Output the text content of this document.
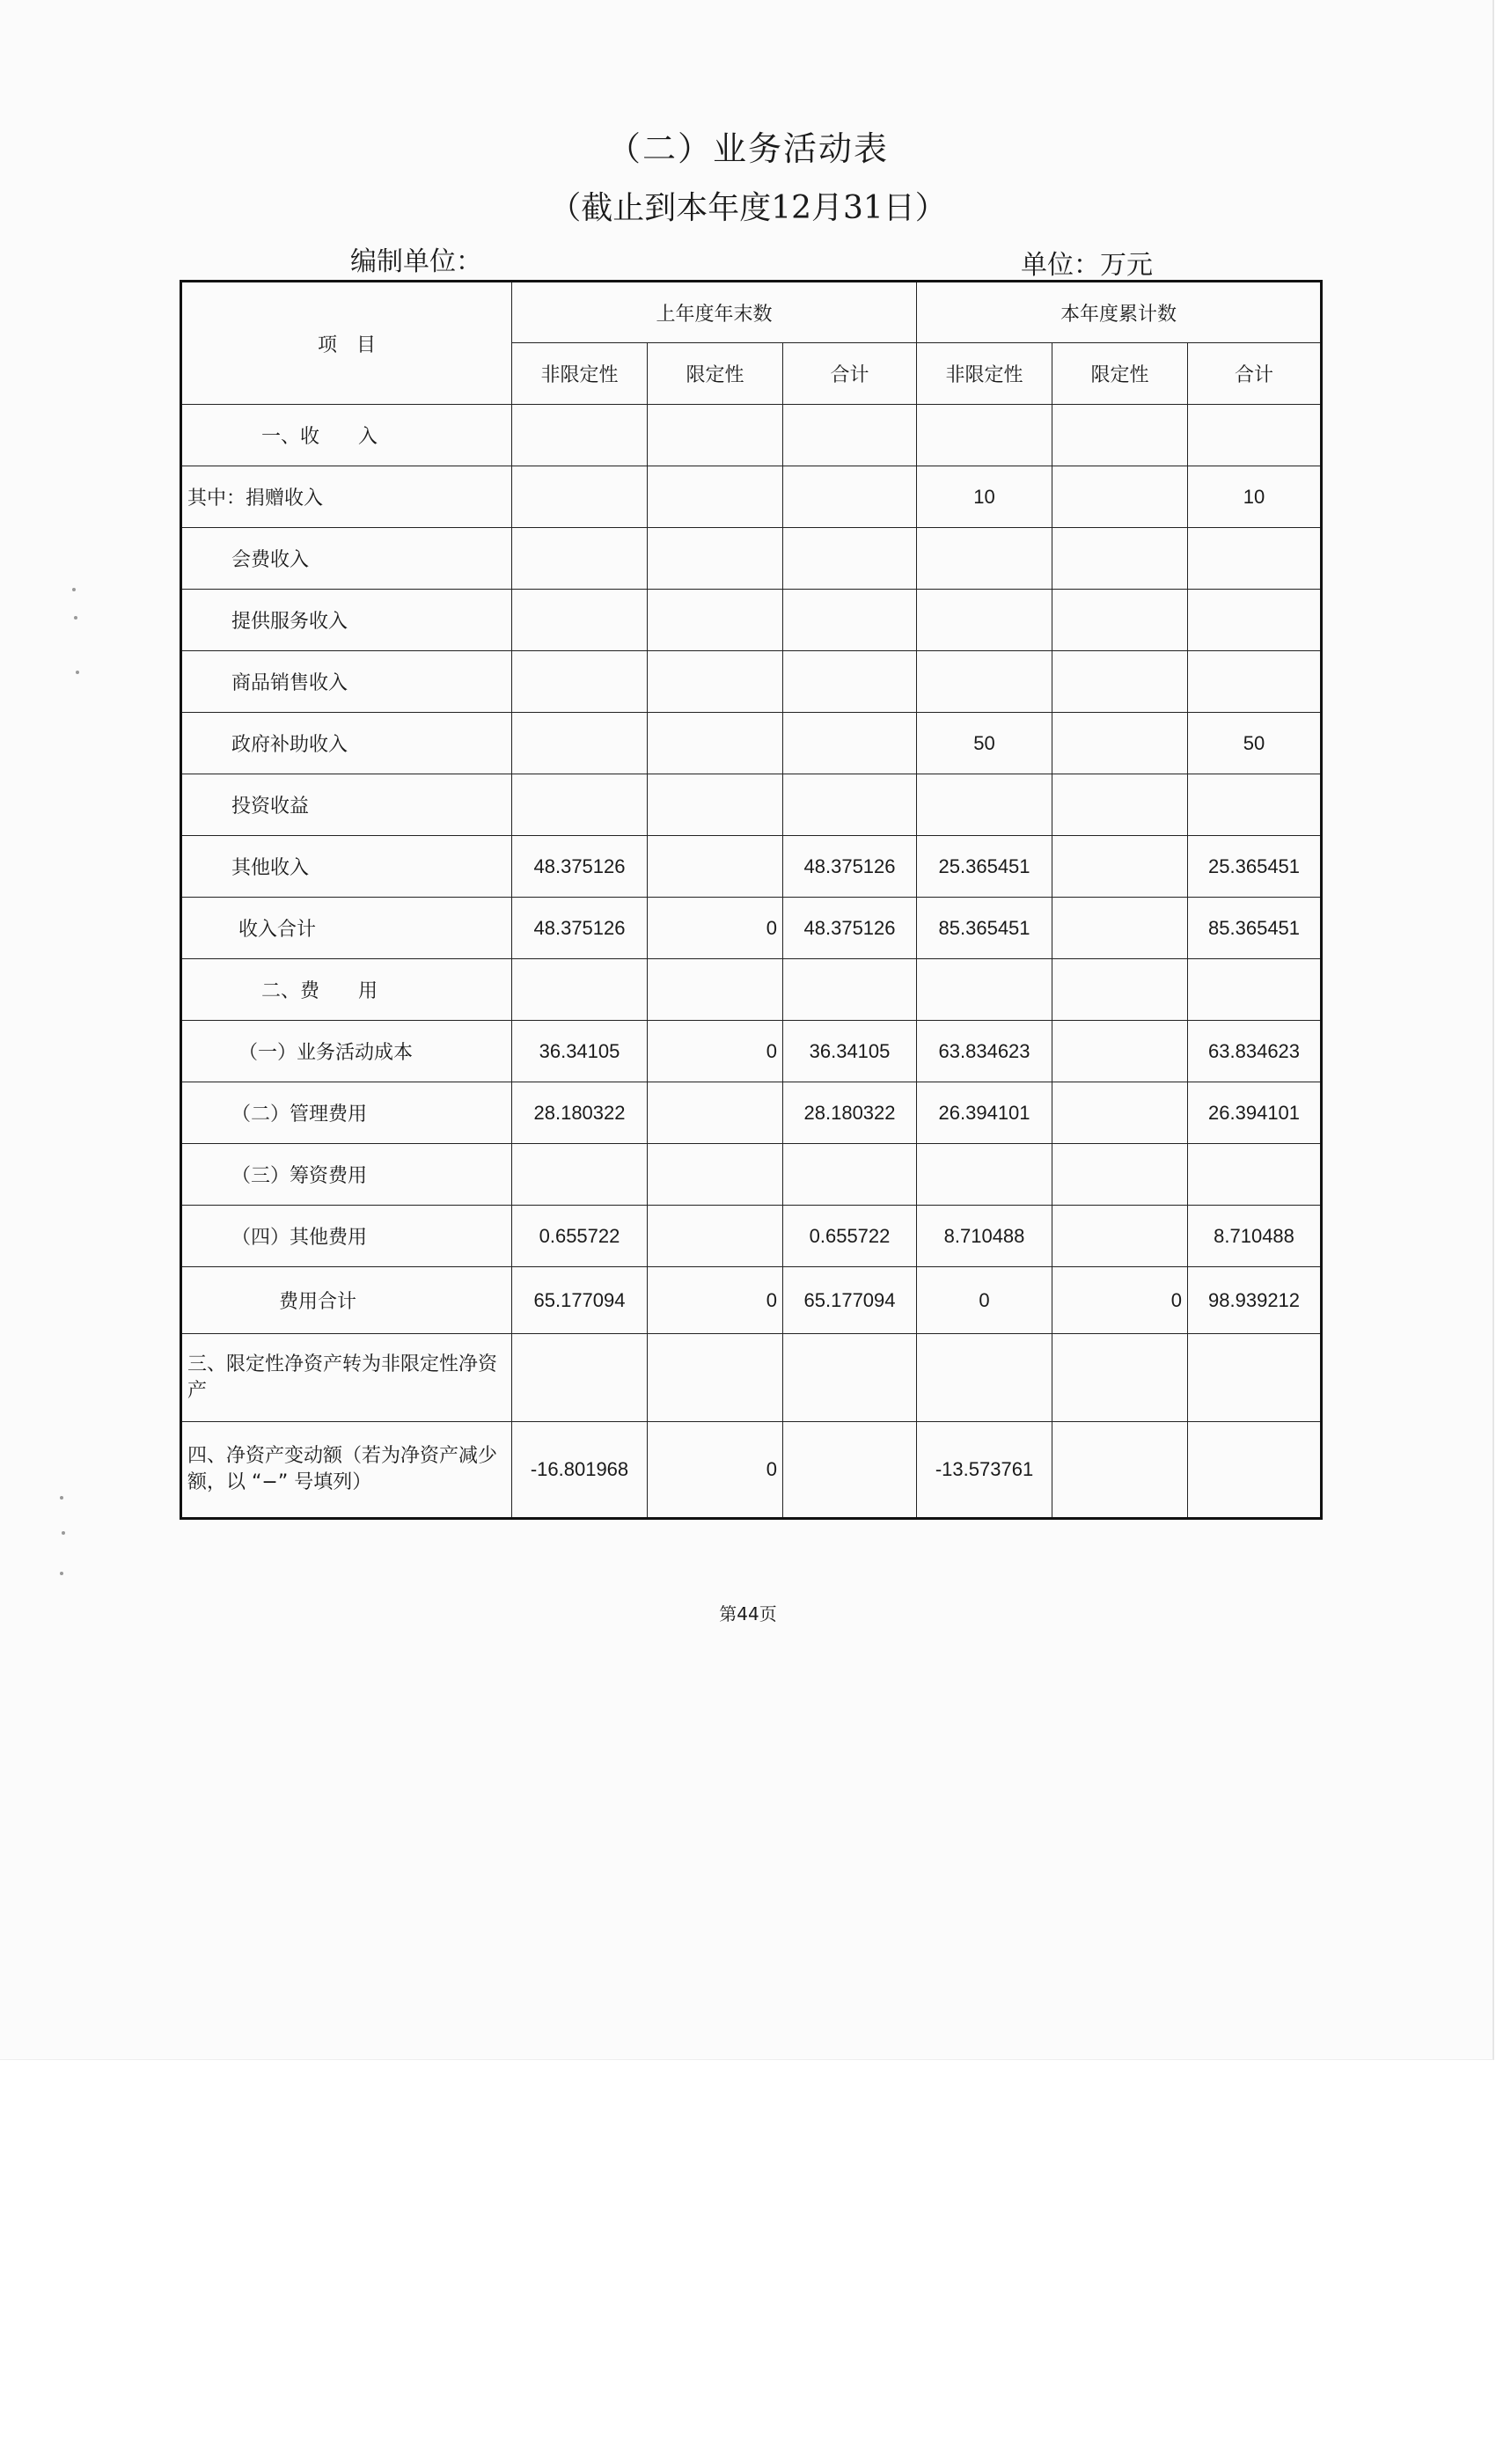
（二）业务活动表
（截止到本年度12月31日）
编制单位：	单位：万元
项　目	上年度年末数			本年度累计数		
	非限定性	限定性	合计	非限定性	限定性	合计
一、收　　入						
其中：捐赠收入				10		10
会费收入						
提供服务收入						
商品销售收入						
政府补助收入				50		50
投资收益						
其他收入	48.375126		48.375126	25.365451		25.365451
收入合计	48.375126	0	48.375126	85.365451		85.365451
二、费　　用						
（一）业务活动成本	36.34105	0	36.34105	63.834623		63.834623
（二）管理费用	28.180322		28.180322	26.394101		26.394101
（三）筹资费用						
（四）其他费用	0.655722		0.655722	8.710488		8.710488
费用合计	65.177094	0	65.177094	0	0	98.939212
三、限定性净资产转为非限定性净资产						
四、净资产变动额（若为净资产减少额，以 “−” 号填列）	-16.801968	0		-13.573761		
第44页
